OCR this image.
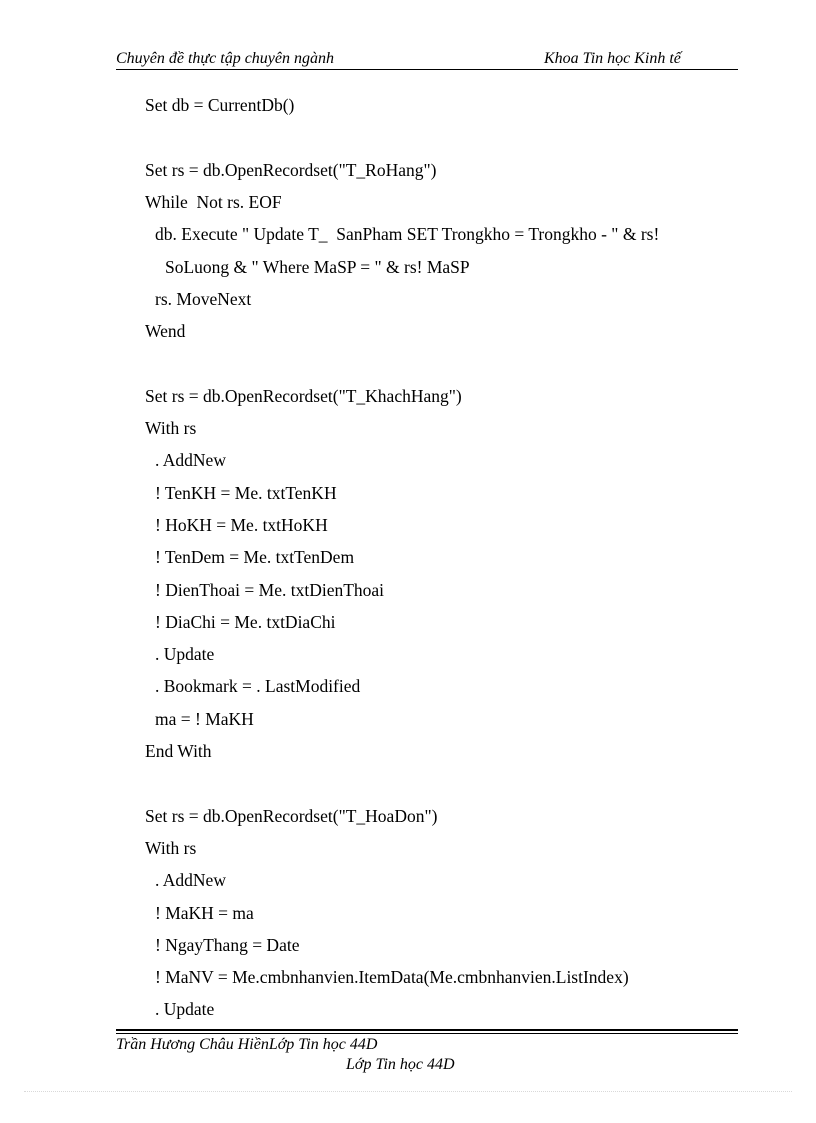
Chuyên đề thực tập chuyên ngành	Khoa Tin học Kinh tế
Set db = CurrentDb()
Set rs = db.OpenRecordset("T_RoHang")
While  Not rs. EOF
db. Execute " Update T_  SanPham SET Trongkho = Trongkho - " & rs!
SoLuong & " Where MaSP = " & rs! MaSP
rs. MoveNext
Wend
Set rs = db.OpenRecordset("T_KhachHang")
With rs
. AddNew
! TenKH = Me. txtTenKH
! HoKH = Me. txtHoKH
! TenDem = Me. txtTenDem
! DienThoai = Me. txtDienThoai
! DiaChi = Me. txtDiaChi
. Update
. Bookmark = . LastModified
ma = ! MaKH
End With
Set rs = db.OpenRecordset("T_HoaDon")
With rs
. AddNew
! MaKH = ma
! NgayThang = Date
! MaNV = Me.cmbnhanvien.ItemData(Me.cmbnhanvien.ListIndex)
. Update
Trần Hương Châu HiềnLớp Tin học 44D
Lớp Tin học 44D
